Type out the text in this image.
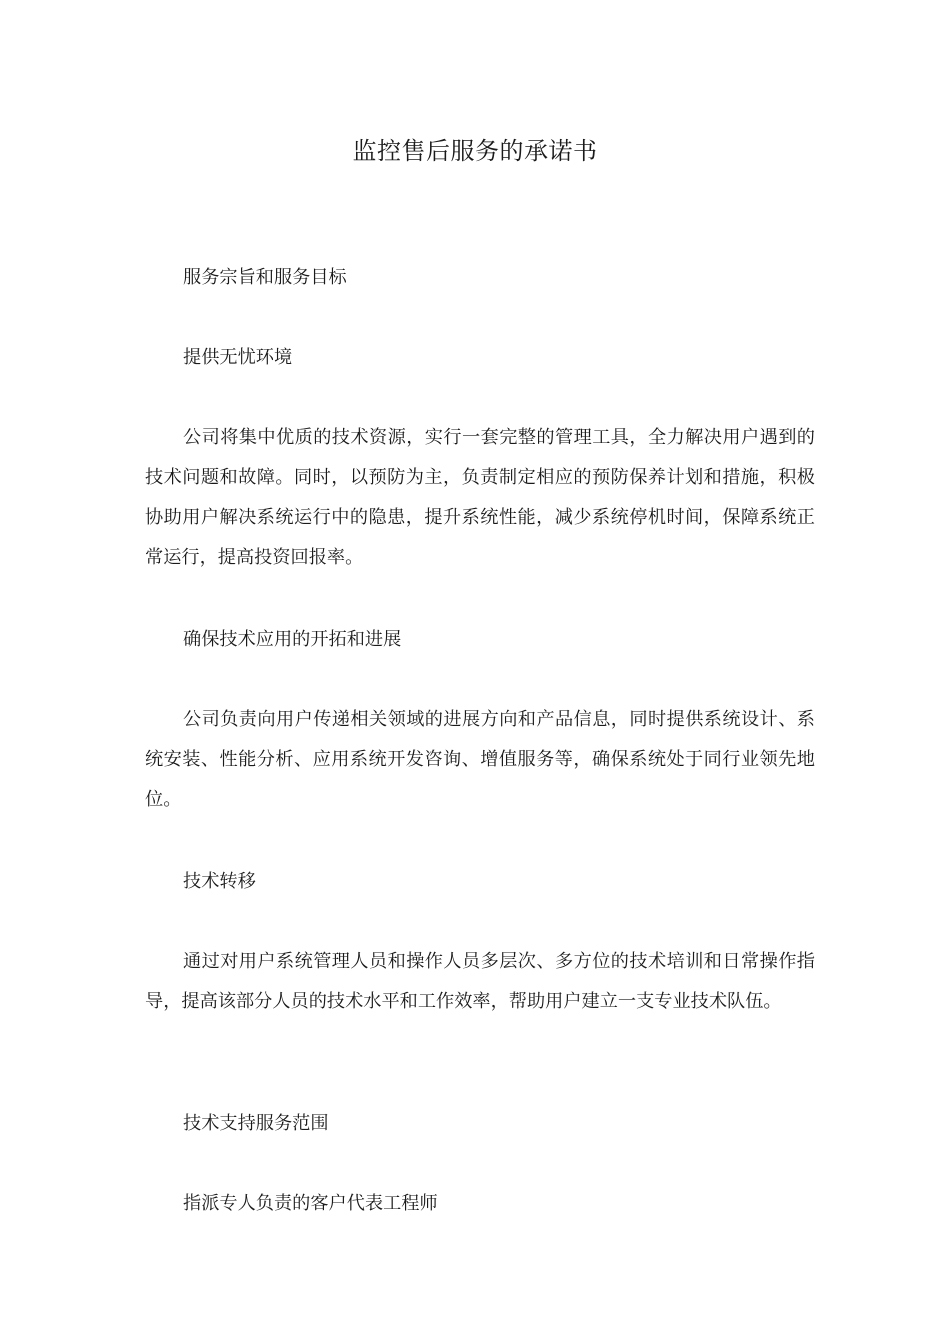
监控售后服务的承诺书

服务宗旨和服务目标

提供无忧环境

公司将集中优质的技术资源，实行一套完整的管理工具，全力解决用户遇到的技术问题和故障。同时，以预防为主，负责制定相应的预防保养计划和措施，积极协助用户解决系统运行中的隐患，提升系统性能，减少系统停机时间，保障系统正常运行，提高投资回报率。

确保技术应用的开拓和进展

公司负责向用户传递相关领域的进展方向和产品信息，同时提供系统设计、系统安装、性能分析、应用系统开发咨询、增值服务等，确保系统处于同行业领先地位。

技术转移

通过对用户系统管理人员和操作人员多层次、多方位的技术培训和日常操作指导，提高该部分人员的技术水平和工作效率，帮助用户建立一支专业技术队伍。

技术支持服务范围

指派专人负责的客户代表工程师
